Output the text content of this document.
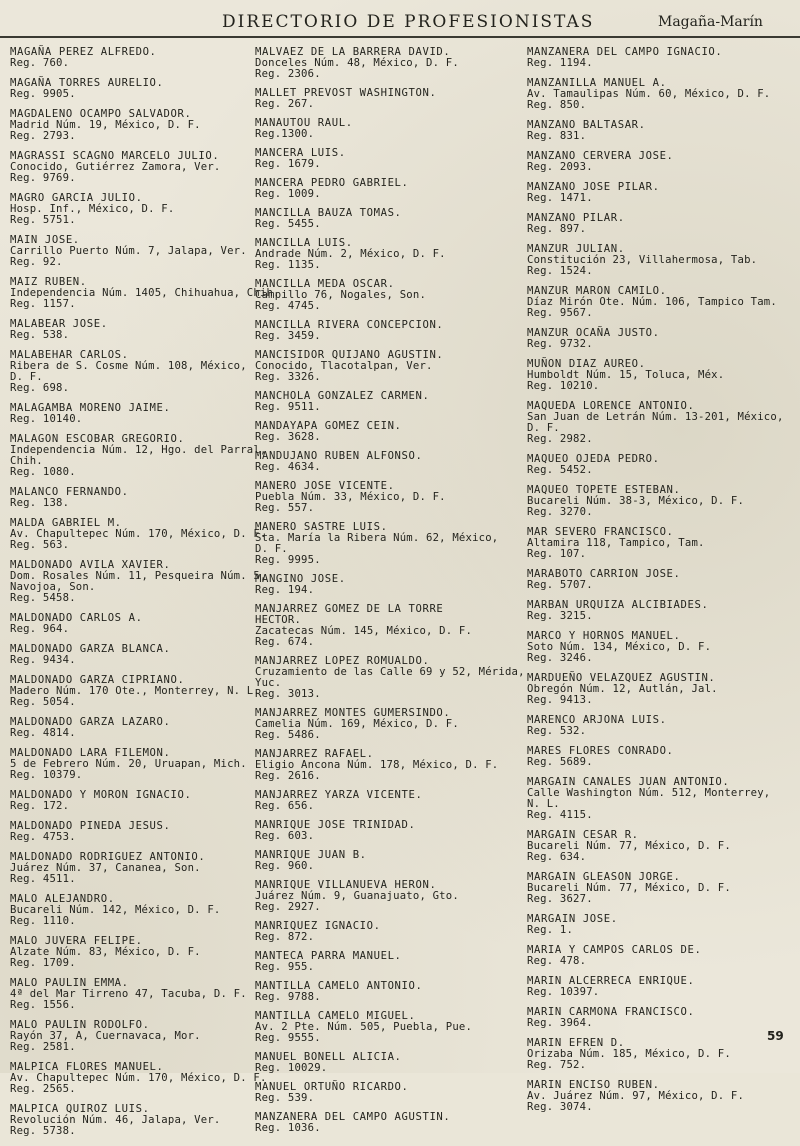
DIRECTORIO DE PROFESIONISTAS	Magaña-Marín
MAGAÑA PEREZ ALFREDO.
Reg. 760.
MAGAÑA TORRES AURELIO.
Reg. 9905.
MAGDALENO OCAMPO SALVADOR.
Madrid Núm. 19, México, D. F.
Reg. 2793.
MAGRASSI SCAGNO MARCELO JULIO.
Conocido, Gutiérrez Zamora, Ver.
Reg. 9769.
MAGRO GARCIA JULIO.
Hosp. Inf., México, D. F.
Reg. 5751.
MAIN JOSE.
Carrillo Puerto Núm. 7, Jalapa, Ver.
Reg. 92.
MAIZ RUBEN.
Independencia Núm. 1405, Chihuahua, Chih.
Reg. 1157.
MALABEAR JOSE.
Reg. 538.
MALABEHAR CARLOS.
Ribera de S. Cosme Núm. 108, México,
D. F.
Reg. 698.
MALAGAMBA MORENO JAIME.
Reg. 10140.
MALAGON ESCOBAR GREGORIO.
Independencia Núm. 12, Hgo. del Parral,
Chih.
Reg. 1080.
MALANCO FERNANDO.
Reg. 138.
MALDA GABRIEL M.
Av. Chapultepec Núm. 170, México, D. F.
Reg. 563.
MALDONADO AVILA XAVIER.
Dom. Rosales Núm. 11, Pesqueira Núm. 5,
Navojoa, Son.
Reg. 5458.
MALDONADO CARLOS A.
Reg. 964.
MALDONADO GARZA BLANCA.
Reg. 9434.
MALDONADO GARZA CIPRIANO.
Madero Núm. 170 Ote., Monterrey, N. L.
Reg. 5054.
MALDONADO GARZA LAZARO.
Reg. 4814.
MALDONADO LARA FILEMON.
5 de Febrero Núm. 20, Uruapan, Mich.
Reg. 10379.
MALDONADO Y MORON IGNACIO.
Reg. 172.
MALDONADO PINEDA JESUS.
Reg. 4753.
MALDONADO RODRIGUEZ ANTONIO.
Juárez Núm. 37, Cananea, Son.
Reg. 4511.
MALO ALEJANDRO.
Bucareli Núm. 142, México, D. F.
Reg. 1110.
MALO JUVERA FELIPE.
Alzate Núm. 83, México, D. F.
Reg. 1709.
MALO PAULIN EMMA.
4ª del Mar Tirreno 47, Tacuba, D. F.
Reg. 1556.
MALO PAULIN RODOLFO.
Rayón 37, A, Cuernavaca, Mor.
Reg. 2581.
MALPICA FLORES MANUEL.
Av. Chapultepec Núm. 170, México, D. F.
Reg. 2565.
MALPICA QUIROZ LUIS.
Revolución Núm. 46, Jalapa, Ver.
Reg. 5738.
MALVAEZ DE LA BARRERA DAVID.
Donceles Núm. 48, México, D. F.
Reg. 2306.
MALLET PREVOST WASHINGTON.
Reg. 267.
MANAUTOU RAUL.
Reg.1300.
MANCERA LUIS.
Reg. 1679.
MANCERA PEDRO GABRIEL.
Reg. 1009.
MANCILLA BAUZA TOMAS.
Reg. 5455.
MANCILLA LUIS.
Andrade Núm. 2, México, D. F.
Reg. 1135.
MANCILLA MEDA OSCAR.
Campillo 76, Nogales, Son.
Reg. 4745.
MANCILLA RIVERA CONCEPCION.
Reg. 3459.
MANCISIDOR QUIJANO AGUSTIN.
Conocido, Tlacotalpan, Ver.
Reg. 3326.
MANCHOLA GONZALEZ CARMEN.
Reg. 9511.
MANDAYAPA GOMEZ CEIN.
Reg. 3628.
MANDUJANO RUBEN ALFONSO.
Reg. 4634.
MANERO JOSE VICENTE.
Puebla Núm. 33, México, D. F.
Reg. 557.
MANERO SASTRE LUIS.
Sta. María la Ribera Núm. 62, México,
D. F.
Reg. 9995.
MANGINO JOSE.
Reg. 194.
MANJARREZ GOMEZ DE LA TORRE
HECTOR.
Zacatecas Núm. 145, México, D. F.
Reg. 674.
MANJARREZ LOPEZ ROMUALDO.
Cruzamiento de las Calle 69 y 52, Mérida,
Yuc.
Reg. 3013.
MANJARREZ MONTES GUMERSINDO.
Camelia Núm. 169, México, D. F.
Reg. 5486.
MANJARREZ RAFAEL.
Eligio Ancona Núm. 178, México, D. F.
Reg. 2616.
MANJARREZ YARZA VICENTE.
Reg. 656.
MANRIQUE JOSE TRINIDAD.
Reg. 603.
MANRIQUE JUAN B.
Reg. 960.
MANRIQUE VILLANUEVA HERON.
Juárez Núm. 9, Guanajuato, Gto.
Reg. 2927.
MANRIQUEZ IGNACIO.
Reg. 872.
MANTECA PARRA MANUEL.
Reg. 955.
MANTILLA CAMELO ANTONIO.
Reg. 9788.
MANTILLA CAMELO MIGUEL.
Av. 2 Pte. Núm. 505, Puebla, Pue.
Reg. 9555.
MANUEL BONELL ALICIA.
Reg. 10029.
MANUEL ORTUÑO RICARDO.
Reg. 539.
MANZANERA DEL CAMPO AGUSTIN.
Reg. 1036.
MANZANERA DEL CAMPO IGNACIO.
Reg. 1194.
MANZANILLA MANUEL A.
Av. Tamaulipas Núm. 60, México, D. F.
Reg. 850.
MANZANO BALTASAR.
Reg. 831.
MANZANO CERVERA JOSE.
Reg. 2093.
MANZANO JOSE PILAR.
Reg. 1471.
MANZANO PILAR.
Reg. 897.
MANZUR JULIAN.
Constitución 23, Villahermosa, Tab.
Reg. 1524.
MANZUR MARON CAMILO.
Díaz Mirón Ote. Núm. 106, Tampico Tam.
Reg. 9567.
MANZUR OCAÑA JUSTO.
Reg. 9732.
MUÑON DIAZ AUREO.
Humboldt Núm. 15, Toluca, Méx.
Reg. 10210.
MAQUEDA LORENCE ANTONIO.
San Juan de Letrán Núm. 13-201, México,
D. F.
Reg. 2982.
MAQUEO OJEDA PEDRO.
Reg. 5452.
MAQUEO TOPETE ESTEBAN.
Bucareli Núm. 38-3, México, D. F.
Reg. 3270.
MAR SEVERO FRANCISCO.
Altamira 118, Tampico, Tam.
Reg. 107.
MARABOTO CARRION JOSE.
Reg. 5707.
MARBAN URQUIZA ALCIBIADES.
Reg. 3215.
MARCO Y HORNOS MANUEL.
Soto Núm. 134, México, D. F.
Reg. 3246.
MARDUEÑO VELAZQUEZ AGUSTIN.
Obregón Núm. 12, Autlán, Jal.
Reg. 9413.
MARENCO ARJONA LUIS.
Reg. 532.
MARES FLORES CONRADO.
Reg. 5689.
MARGAIN CANALES JUAN ANTONIO.
Calle Washington Núm. 512, Monterrey,
N. L.
Reg. 4115.
MARGAIN CESAR R.
Bucareli Núm. 77, México, D. F.
Reg. 634.
MARGAIN GLEASON JORGE.
Bucareli Núm. 77, México, D. F.
Reg. 3627.
MARGAIN JOSE.
Reg. 1.
MARIA Y CAMPOS CARLOS DE.
Reg. 478.
MARIN ALCERRECA ENRIQUE.
Reg. 10397.
MARIN CARMONA FRANCISCO.
Reg. 3964.
MARIN EFREN D.
Orizaba Núm. 185, México, D. F.
Reg. 752.
MARIN ENCISO RUBEN.
Av. Juárez Núm. 97, México, D. F.
Reg. 3074.
59
